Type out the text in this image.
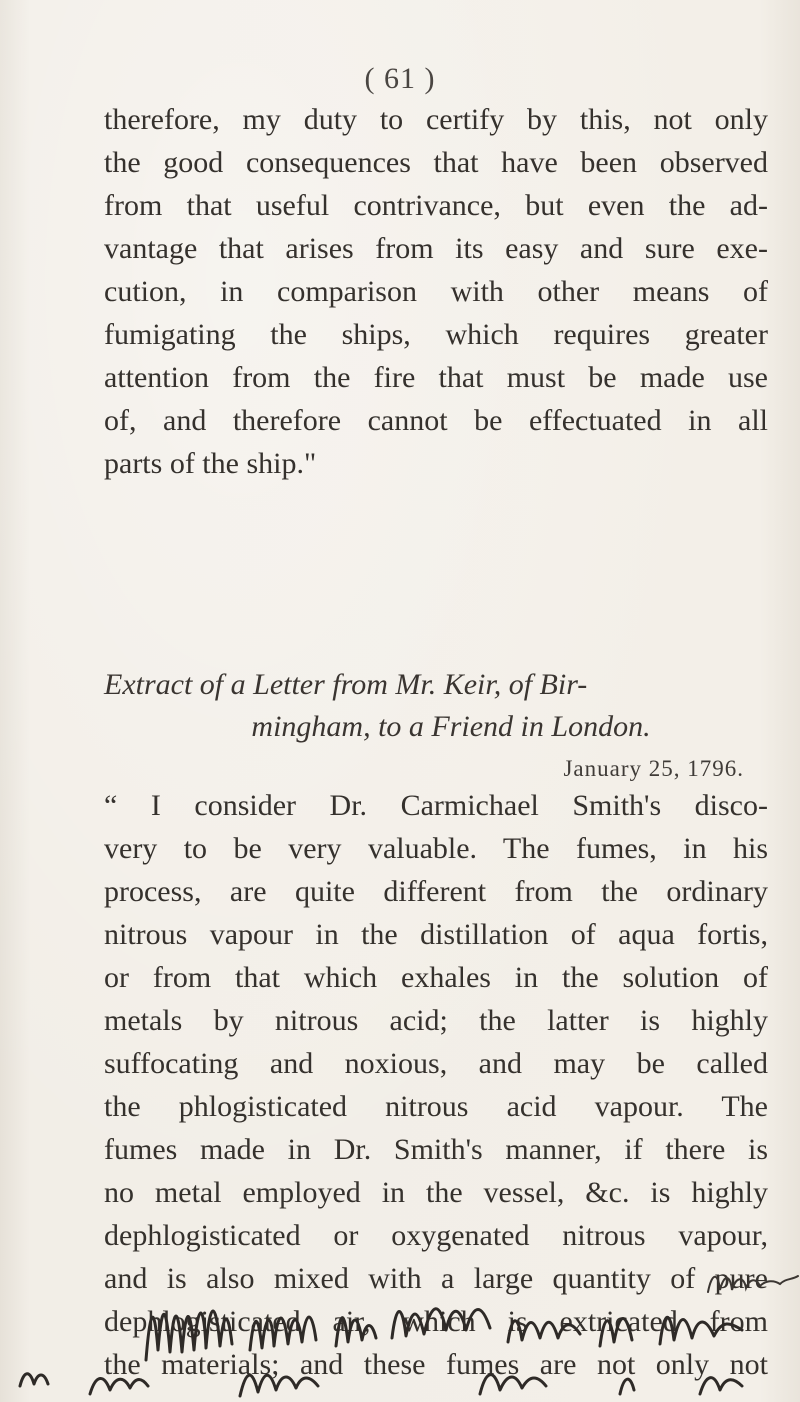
( 61 )
therefore, my duty to certify by this, not only
the good consequences that have been observed
from that useful contrivance, but even the ad-
vantage that arises from its easy and sure exe-
cution, in comparison with other means of
fumigating the ships, which requires greater
attention from the fire that must be made use
of, and therefore cannot be effectuated in all
parts of the ship."
Extract of a Letter from Mr. Keir, of Bir-
mingham, to a Friend in London.
January 25, 1796.
“ I consider Dr. Carmichael Smith's disco-
very to be very valuable. The fumes, in his
process, are quite different from the ordinary
nitrous vapour in the distillation of aqua fortis,
or from that which exhales in the solution of
metals by nitrous acid; the latter is highly
suffocating and noxious, and may be called
the phlogisticated nitrous acid vapour. The
fumes made in Dr. Smith's manner, if there is
no metal employed in the vessel, &c. is highly
dephlogisticated or oxygenated nitrous vapour,
and is also mixed with a large quantity of pure
dephlogisticated air, which is extricated from
the materials; and these fumes are not only not
